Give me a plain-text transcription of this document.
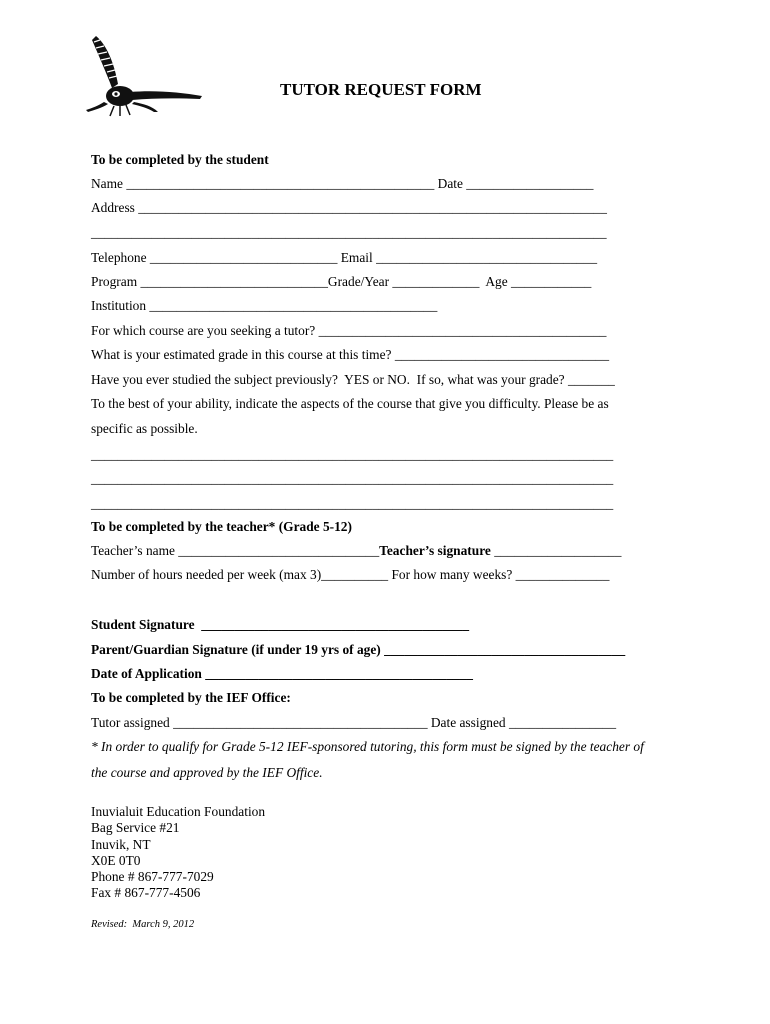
TUTOR REQUEST FORM
To be completed by the student
Name ______________________________________________ Date ___________________
Address ______________________________________________________________________
_____________________________________________________________________________
Telephone ____________________________ Email _________________________________
Program ____________________________Grade/Year _____________  Age ____________
Institution ___________________________________________
For which course are you seeking a tutor? ___________________________________________
What is your estimated grade in this course at this time? ________________________________
Have you ever studied the subject previously?  YES or NO.  If so, what was your grade? _______
To the best of your ability, indicate the aspects of the course that give you difficulty. Please be as
specific as possible.
______________________________________________________________________________
______________________________________________________________________________
______________________________________________________________________________
To be completed by the teacher* (Grade 5-12)
Teacher’s name ______________________________Teacher’s signature ___________________
Number of hours needed per week (max 3)__________ For how many weeks? ______________
Student Signature  ________________________________________
Parent/Guardian Signature (if under 19 yrs of age) ____________________________________
Date of Application ________________________________________
To be completed by the IEF Office:
Tutor assigned ______________________________________ Date assigned ________________
* In order to qualify for Grade 5-12 IEF-sponsored tutoring, this form must be signed by the teacher of
the course and approved by the IEF Office.
Inuvialuit Education Foundation
Bag Service #21
Inuvik, NT
X0E 0T0
Phone # 867-777-7029
Fax # 867-777-4506
Revised:  March 9, 2012
